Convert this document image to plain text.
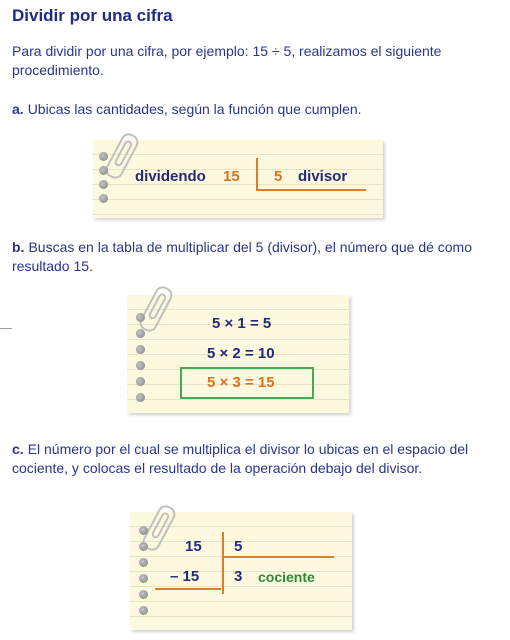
Dividir por una cifra
Para dividir por una cifra, por ejemplo: 15 ÷ 5, realizamos el siguiente procedimiento.
a. Ubicas las cantidades, según la función que cumplen.
dividendo 15 5 divisor
b. Buscas en la tabla de multiplicar del 5 (divisor), el número que dé como resultado 15.
5 × 1 = 5
5 × 2 = 10
5 × 3 = 15
c. El número por el cual se multiplica el divisor lo ubicas en el espacio del cociente, y colocas el resultado de la operación debajo del divisor.
15 5
– 15 3 cociente
